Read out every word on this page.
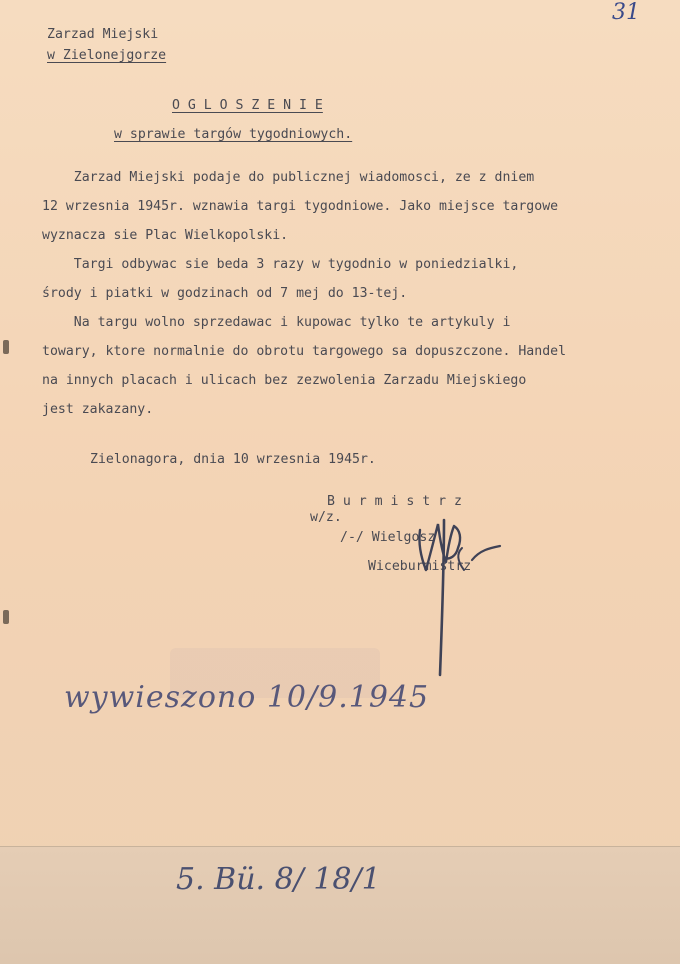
31
Zarzad Miejski
w Zielonejgorze
O G L O S Z E N I E
w sprawie targów tygodniowych.
Zarzad Miejski podaje do publicznej wiadomosci, ze z dniem
12 wrzesnia 1945r. wznawia targi tygodniowe. Jako miejsce targowe
wyznacza sie Plac Wielkopolski.
Targi odbywac sie beda 3 razy w tygodnio w poniedzialki,
środy i piatki w godzinach od 7 mej do 13-tej.
Na targu wolno sprzedawac i kupowac tylko te artykuly i
towary, ktore normalnie do obrotu targowego sa dopuszczone. Handel
na innych placach i ulicach bez zezwolenia Zarzadu Miejskiego
jest zakazany.
Zielonagora, dnia 10 wrzesnia 1945r.
B u r m i s t r z
w/z.
/-/ Wielgosz
Wiceburmistrz
wywieszono 10/9.1945
5. Bü. 8/ 18/1
